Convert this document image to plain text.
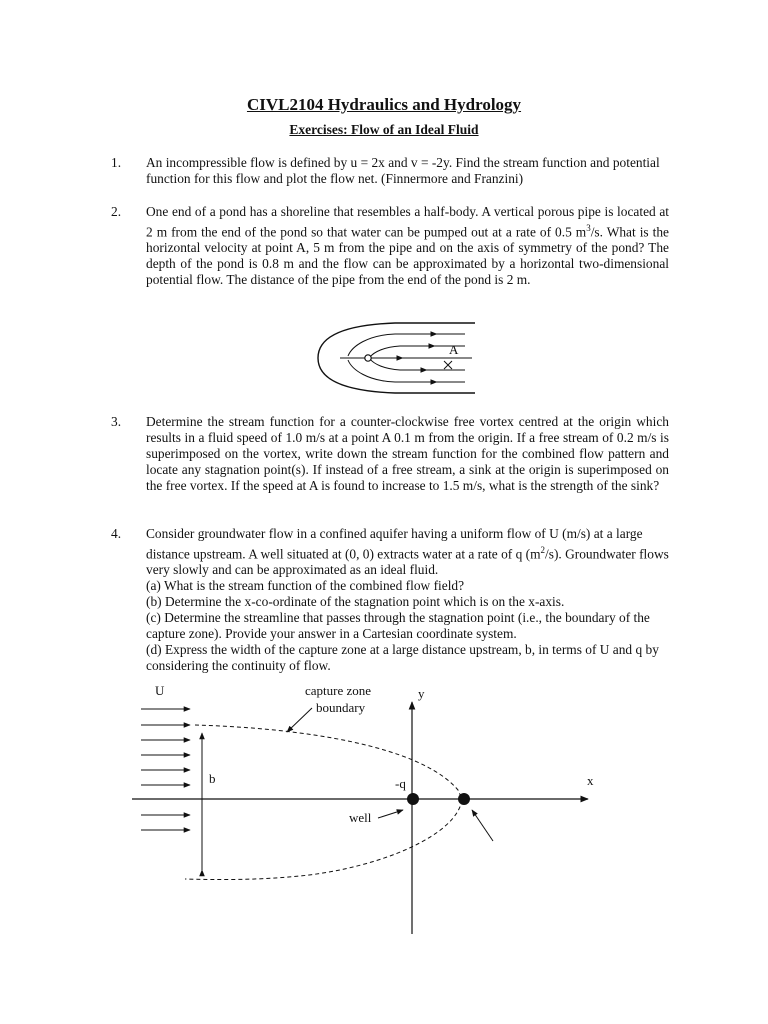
CIVL2104 Hydraulics and Hydrology
Exercises: Flow of an Ideal Fluid
1.	An incompressible flow is defined by u = 2x and v = -2y. Find the stream function and potential function for this flow and plot the flow net. (Finnermore and Franzini)

2.	One end of a pond has a shoreline that resembles a half-body. A vertical porous pipe is located at 2 m from the end of the pond so that water can be pumped out at a rate of 0.5 $m^3/s$. What is the horizontal velocity at point A, 5 m from the pipe and on the axis of symmetry of the pond? The depth of the pond is 0.8 m and the flow can be approximated by a horizontal two-dimensional potential flow. The distance of the pipe from the end of the pond is 2 m.

3.	Determine the stream function for a counter-clockwise free vortex centred at the origin which results in a fluid speed of 1.0 m/s at a point A 0.1 m from the origin. If a free stream of 0.2 m/s is superimposed on the vortex, write down the stream function for the combined flow pattern and locate any stagnation point(s). If instead of a free stream, a sink at the origin is superimposed on the free vortex. If the speed at A is found to increase to 1.5 m/s, what is the strength of the sink?

4.	Consider groundwater flow in a confined aquifer having a uniform flow of U (m/s) at a large distance upstream. A well situated at (0, 0) extracts water at a rate of q $(m^2/s)$. Groundwater flows very slowly and can be approximated as an ideal fluid.

(a) What is the stream function of the combined flow field?

(b) Determine the x-co-ordinate of the stagnation point which is on the x-axis.

(c) Determine the streamline that passes through the stagnation point (i.e., the boundary of the capture zone). Provide your answer in a Cartesian coordinate system.

(d) Express the width of the capture zone at a large distance upstream, b, in terms of U and q by considering the continuity of flow.

A
U	capture zone
boundary
y
x
b	-q
well
